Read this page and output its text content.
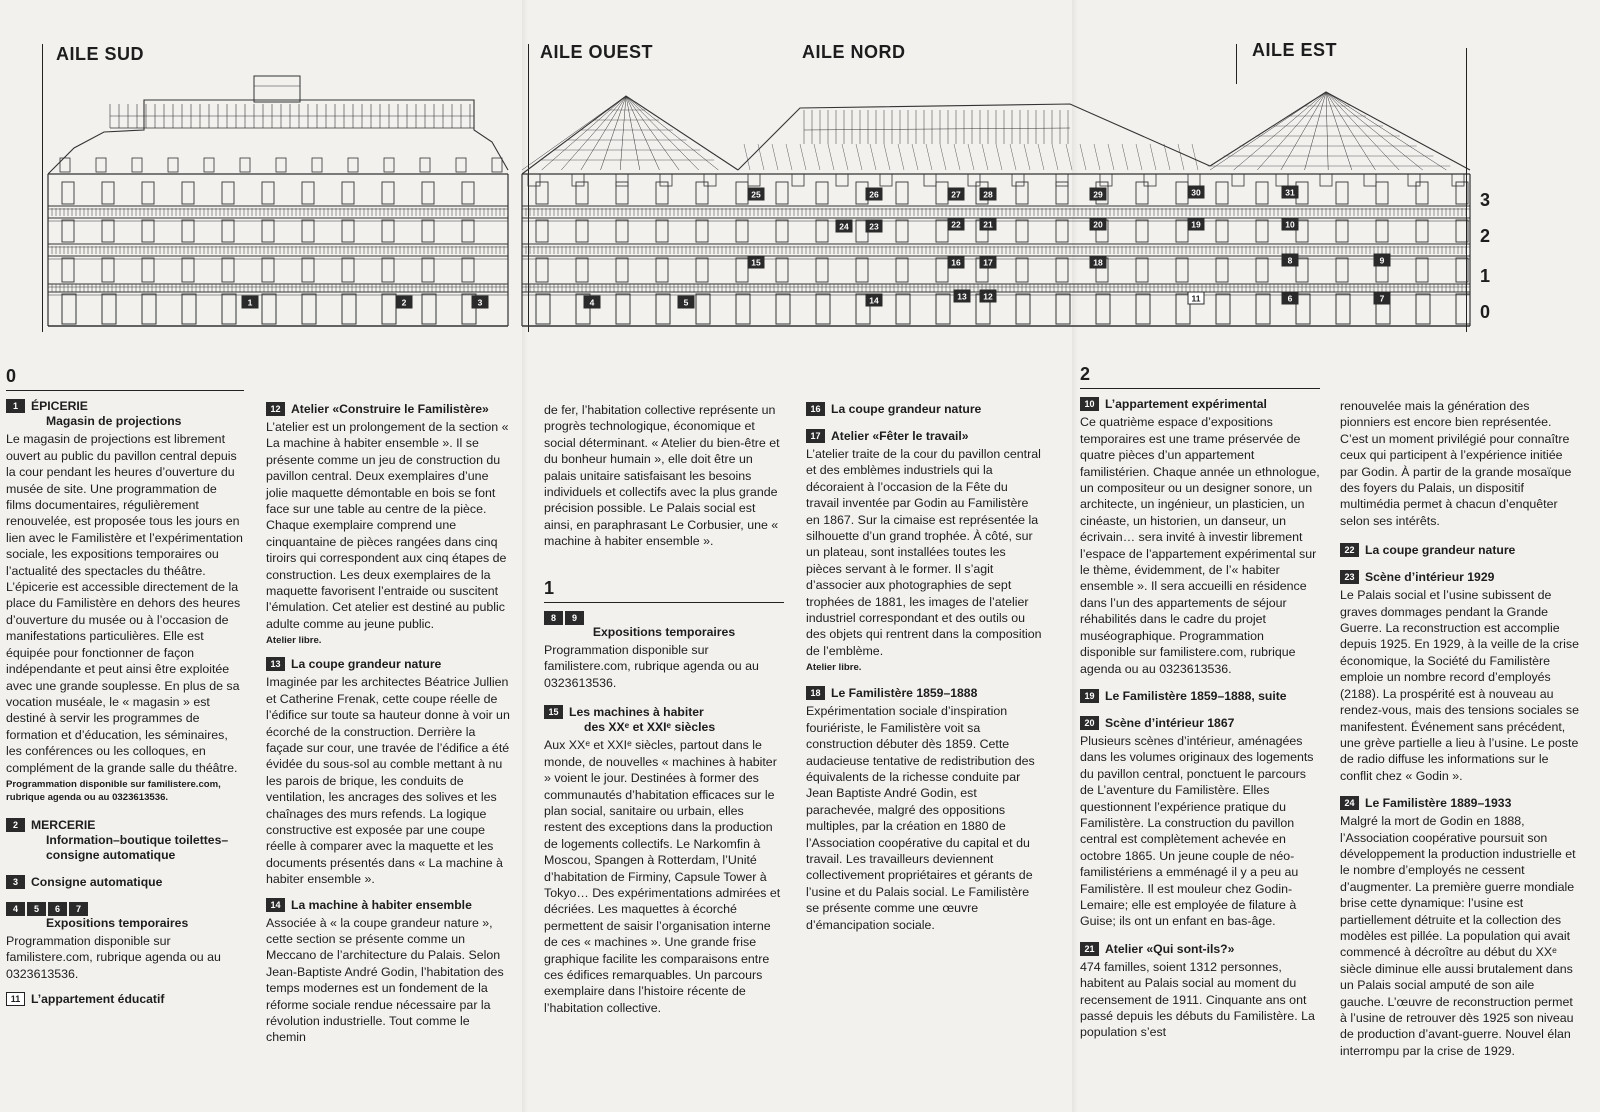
AILE SUD	AILE OUEST	AILE NORD	AILE EST
1	2	3	4	5	6	7
8	9
10
11
12
13
14
15	16	17	18
19
20
21
22
23
24
25	26	27	28	29	30	31	3
2
1
0
0
1	ÉPICERIE
Magasin de projections
Le magasin de projections est librement ouvert au public du pavillon central depuis la cour pendant les heures d’ouverture du musée de site. Une programmation de films documentaires, régulièrement renouvelée, est proposée tous les jours en lien avec le Familistère et l’expérimentation sociale, les expositions temporaires ou l’actualité des spectacles du théâtre. L’épicerie est accessible directement de la place du Familistère en dehors des heures d’ouverture du musée ou à l’occasion de manifestations particulières. Elle est équipée pour fonctionner de façon indépendante et peut ainsi être exploitée avec une grande souplesse. En plus de sa vocation muséale, le « magasin » est destiné à servir les programmes de formation et d’éducation, les séminaires, les conférences ou les colloques, en complément de la grande salle du théâtre.
Programmation disponible sur familistere.com, rubrique agenda ou au 0323613536.
2	MERCERIE
Information–boutique toilettes–consigne automatique
3	Consigne automatique
4	5	6	7
Expositions temporaires
Programmation disponible sur familistere.com, rubrique agenda ou au 0323613536.
11 L’appartement éducatif
12 Atelier «Construire le Familistère»
L’atelier est un prolongement de la section « La machine à habiter ensemble ». Il se présente comme un jeu de construction du pavillon central. Deux exemplaires d’une jolie maquette démontable en bois se font face sur une table au centre de la pièce. Chaque exemplaire comprend une cinquantaine de pièces rangées dans cinq tiroirs qui correspondent aux cinq étapes de construction. Les deux exemplaires de la maquette favorisent l’entraide ou suscitent l’émulation. Cet atelier est destiné au public adulte comme au jeune public.
Atelier libre.
13 La coupe grandeur nature
Imaginée par les architectes Béatrice Jullien et Catherine Frenak, cette coupe réelle de l’édifice sur toute sa hauteur donne à voir un écorché de la construction. Derrière la façade sur cour, une travée de l’édifice a été évidée du sous-sol au comble mettant à nu les parois de brique, les conduits de ventilation, les ancrages des solives et les chaînages des murs refends. La logique constructive est exposée par une coupe réelle à comparer avec la maquette et les documents présentés dans « La machine à habiter ensemble ».
14 La machine à habiter ensemble
Associée à « la coupe grandeur nature », cette section se présente comme un Meccano de l’architecture du Palais. Selon Jean-Baptiste André Godin, l’habitation des temps modernes est un fondement de la réforme sociale rendue nécessaire par la révolution industrielle. Tout comme le chemin
de fer, l’habitation collective représente un progrès technologique, économique et social déterminant. « Atelier du bien-être et du bonheur humain », elle doit être un palais unitaire satisfaisant les besoins individuels et collectifs avec la plus grande précision possible. Le Palais social est ainsi, en paraphrasant Le Corbusier, une « machine à habiter ensemble ».
1
8	9
Expositions temporaires
Programmation disponible sur familistere.com, rubrique agenda ou au 0323613536.
15 Les machines à habiter
des XXᵉ et XXIᵉ siècles
Aux XXᵉ et XXIᵉ siècles, partout dans le monde, de nouvelles « machines à habiter » voient le jour. Destinées à former des communautés d’habitation efficaces sur le plan social, sanitaire ou urbain, elles restent des exceptions dans la production de logements collectifs. Le Narkomfin à Moscou, Spangen à Rotterdam, l’Unité d’habitation de Firminy, Capsule Tower à Tokyo… Des expérimentations admirées et décriées. Les maquettes à écorché permettent de saisir l’organisation interne de ces « machines ». Une grande frise graphique facilite les comparaisons entre ces édifices remarquables. Un parcours exemplaire dans l’histoire récente de l’habitation collective.
16 La coupe grandeur nature
17 Atelier «Fêter le travail»
L’atelier traite de la cour du pavillon central et des emblèmes industriels qui la décoraient à l’occasion de la Fête du travail inventée par Godin au Familistère en 1867. Sur la cimaise est représentée la silhouette d’un grand trophée. À côté, sur un plateau, sont installées toutes les pièces servant à le former. Il s’agit d’associer aux photographies de sept trophées de 1881, les images de l’atelier industriel correspondant et des outils ou des objets qui rentrent dans la composition de l’emblème.
Atelier libre.
18 Le Familistère 1859–1888
Expérimentation sociale d’inspiration fouriériste, le Familistère voit sa construction débuter dès 1859. Cette audacieuse tentative de redistribution des équivalents de la richesse conduite par Jean Baptiste André Godin, est parachevée, malgré des oppositions multiples, par la création en 1880 de l’Association coopérative du capital et du travail. Les travailleurs deviennent collectivement propriétaires et gérants de l’usine et du Palais social. Le Familistère se présente comme une œuvre d’émancipation sociale.
2
10 L’appartement expérimental
Ce quatrième espace d’expositions temporaires est une trame préservée de quatre pièces d’un appartement familistérien. Chaque année un ethnologue, un compositeur ou un designer sonore, un architecte, un ingénieur, un plasticien, un cinéaste, un historien, un danseur, un écrivain… sera invité à investir librement l’espace de l’appartement expérimental sur le thème, évidemment, de l’« habiter ensemble ». Il sera accueilli en résidence dans l’un des appartements de séjour réhabilités dans le cadre du projet muséographique. Programmation disponible sur familistere.com, rubrique agenda ou au 0323613536.
19 Le Familistère 1859–1888, suite
20 Scène d’intérieur 1867
Plusieurs scènes d’intérieur, aménagées dans les volumes originaux des logements du pavillon central, ponctuent le parcours de L’aventure du Familistère. Elles questionnent l’expérience pratique du Familistère. La construction du pavillon central est complètement achevée en octobre 1865. Un jeune couple de néo-familistériens a emménagé il y a peu au Familistère. Il est mouleur chez Godin-Lemaire; elle est employée de filature à Guise; ils ont un enfant en bas-âge.
21 Atelier «Qui sont-ils?»
474 familles, soient 1312 personnes, habitent au Palais social au moment du recensement de 1911. Cinquante ans ont passé depuis les débuts du Familistère. La population s’est
renouvelée mais la génération des pionniers est encore bien représentée. C’est un moment privilégié pour connaître ceux qui participent à l’expérience initiée par Godin. À partir de la grande mosaïque des foyers du Palais, un dispositif multimédia permet à chacun d’enquêter selon ses intérêts.
22 La coupe grandeur nature
23 Scène d’intérieur 1929
Le Palais social et l’usine subissent de graves dommages pendant la Grande Guerre. La reconstruction est accomplie depuis 1925. En 1929, à la veille de la crise économique, la Société du Familistère emploie un nombre record d’employés (2188). La prospérité est à nouveau au rendez-vous, mais des tensions sociales se manifestent. Événement sans précédent, une grève partielle a lieu à l’usine. Le poste de radio diffuse les informations sur le conflit chez « Godin ».
24 Le Familistère 1889–1933
Malgré la mort de Godin en 1888, l’Association coopérative poursuit son développement la production industrielle et le nombre d’employés ne cessent d’augmenter. La première guerre mondiale brise cette dynamique: l’usine est partiellement détruite et la collection des modèles est pillée. La population qui avait commencé à décroître au début du XXᵉ siècle diminue elle aussi brutalement dans un Palais social amputé de son aile gauche. L’œuvre de reconstruction permet à l’usine de retrouver dès 1925 son niveau de production d’avant-guerre. Nouvel élan interrompu par la crise de 1929.
